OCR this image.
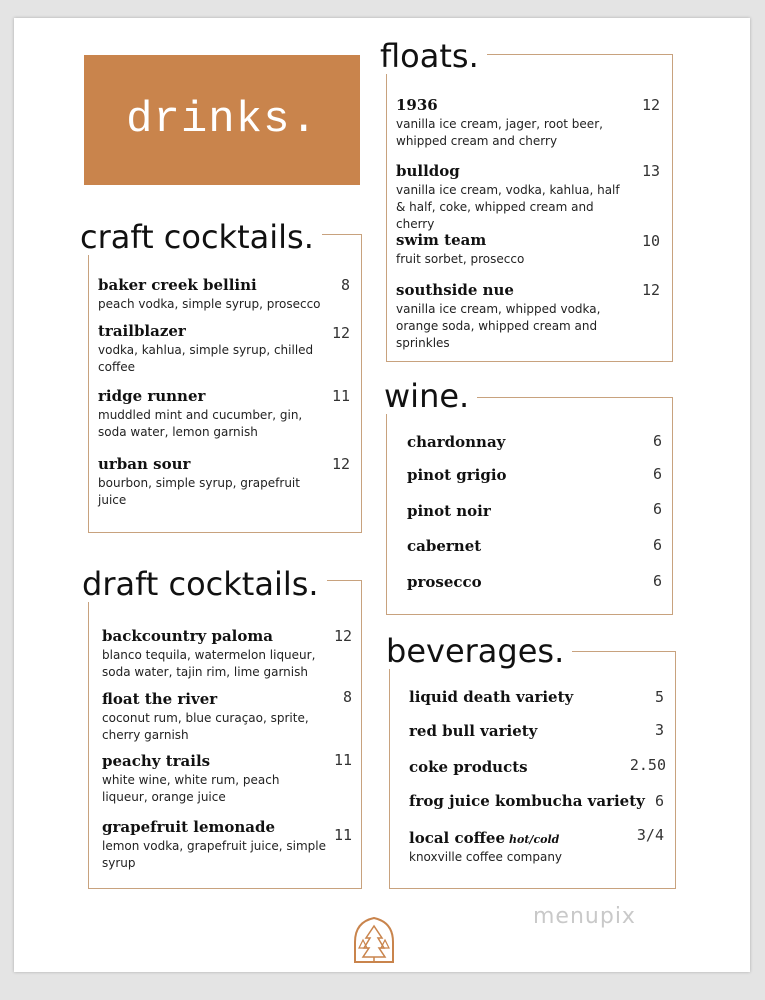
drinks.
craft cocktails.
baker creek bellini
peach vodka, simple syrup, prosecco
8
trailblazer
vodka, kahlua, simple syrup, chilled coffee
12
ridge runner
muddled mint and cucumber, gin, soda water, lemon garnish
11
urban sour
bourbon, simple syrup, grapefruit juice
12
draft cocktails.
backcountry paloma
blanco tequila, watermelon liqueur, soda water, tajin rim, lime garnish
12
float the river
coconut rum, blue curaçao, sprite, cherry garnish
8
peachy trails
white wine, white rum, peach liqueur, orange juice
11
grapefruit lemonade
lemon vodka, grapefruit juice, simple syrup
11
floats.
1936
vanilla ice cream, jager, root beer, whipped cream and cherry
12
bulldog
vanilla ice cream, vodka, kahlua, half & half, coke, whipped cream and cherry
13
swim team
fruit sorbet, prosecco
10
southside nue
vanilla ice cream, whipped vodka, orange soda, whipped cream and sprinkles
12
wine.
chardonnay	6
pinot grigio	6
pinot noir	6
cabernet	6
prosecco	6
beverages.
liquid death variety	5
red bull variety	3
coke products	2.50
frog juice kombucha variety 6
local coffee hot/cold
knoxville coffee company
3/4
menupix
